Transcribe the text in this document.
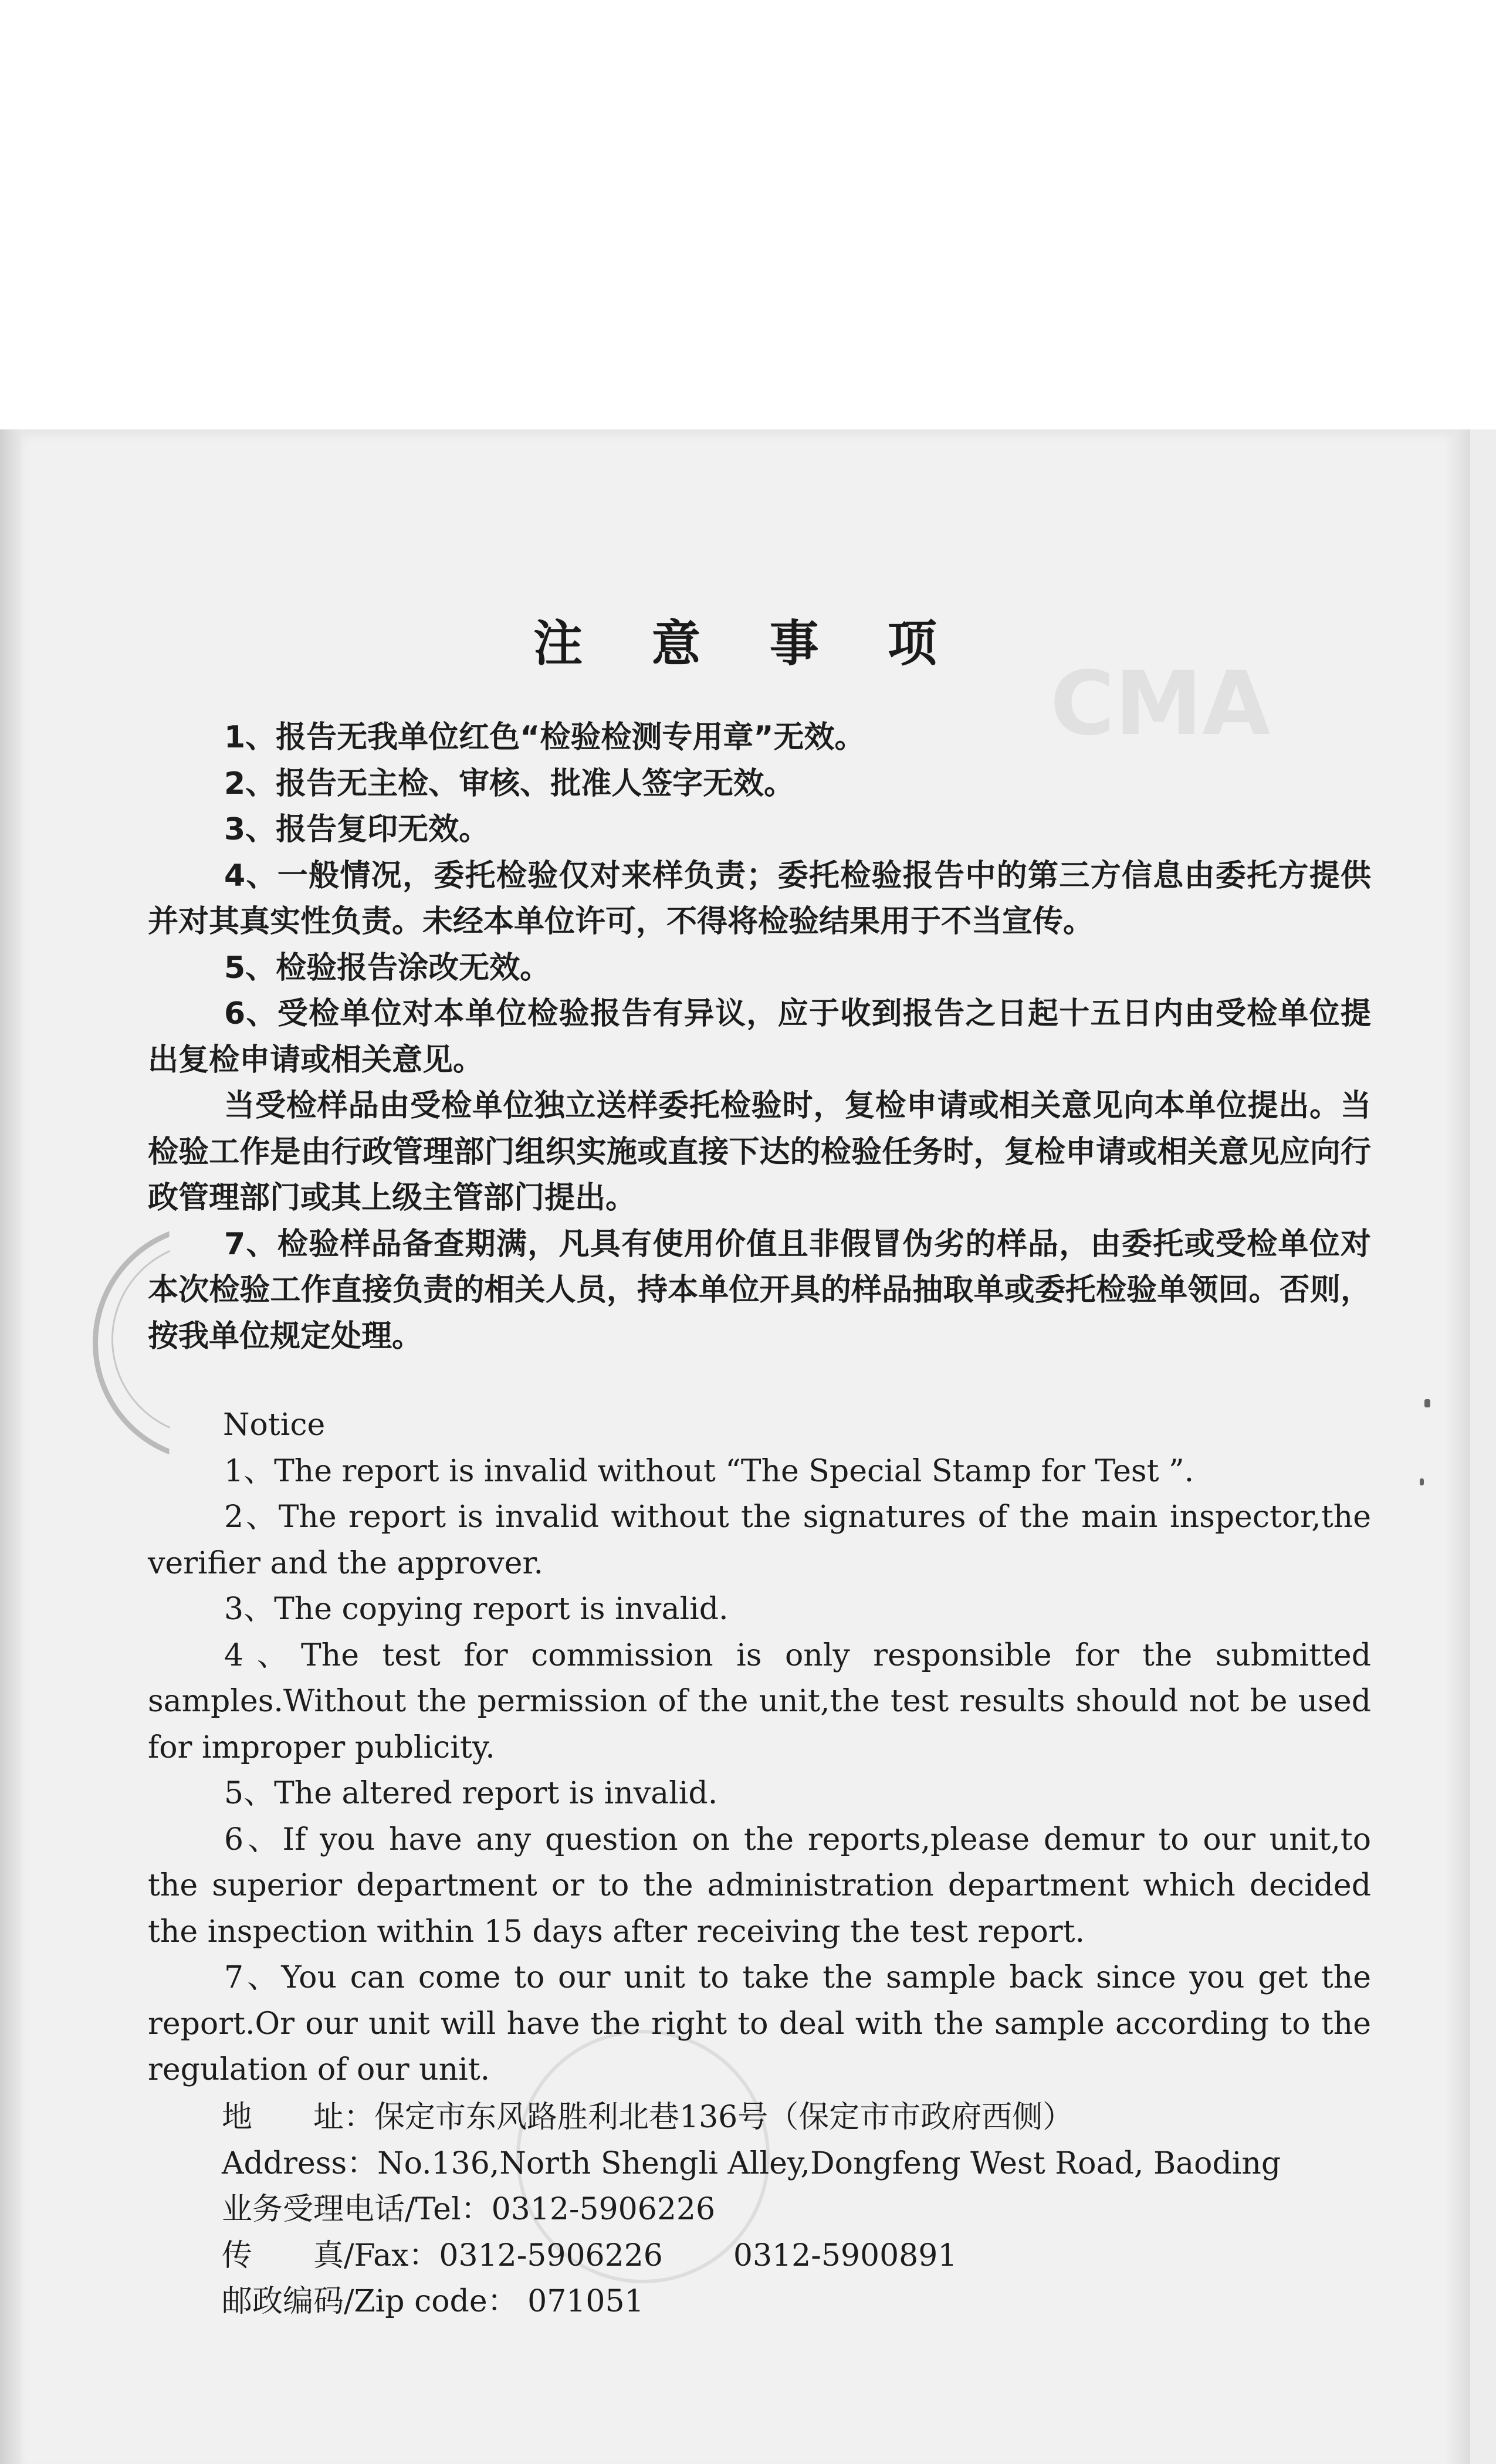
CMA
注 意 事 项

1、报告无我单位红色“检验检测专用章”无效。

2、报告无主检、审核、批准人签字无效。

3、报告复印无效。

4、一般情况，委托检验仅对来样负责；委托检验报告中的第三方信息由委托方提供并对其真实性负责。未经本单位许可，不得将检验结果用于不当宣传。

5、检验报告涂改无效。

6、受检单位对本单位检验报告有异议，应于收到报告之日起十五日内由受检单位提出复检申请或相关意见。

当受检样品由受检单位独立送样委托检验时，复检申请或相关意见向本单位提出。当检验工作是由行政管理部门组织实施或直接下达的检验任务时，复检申请或相关意见应向行政管理部门或其上级主管部门提出。

7、检验样品备查期满，凡具有使用价值且非假冒伪劣的样品，由委托或受检单位对本次检验工作直接负责的相关人员，持本单位开具的样品抽取单或委托检验单领回。否则，按我单位规定处理。

Notice

1、The report is invalid without “The Special Stamp for Test ”.

2、The report is invalid without the signatures of the main inspector,the verifier and the approver.

3、The copying report is invalid.

4、The test for commission is only responsible for the submitted samples.Without the permission of the unit,the test results should not be used for improper publicity.

5、The altered report is invalid.

6、If you have any question on the reports,please demur to our unit,to the superior department or to the administration department which decided the inspection within 15 days after receiving the test report.

7、You can come to our unit to take the sample back since you get the report.Or our unit will have the right to deal with the sample according to the regulation of our unit.

地　　址：保定市东风路胜利北巷136号（保定市市政府西侧）
Address：No.136,North Shengli Alley,Dongfeng West Road, Baoding
业务受理电话/Tel：0312-5906226
传　　真/Fax：0312-5906226 0312-5900891
邮政编码/Zip code： 071051
